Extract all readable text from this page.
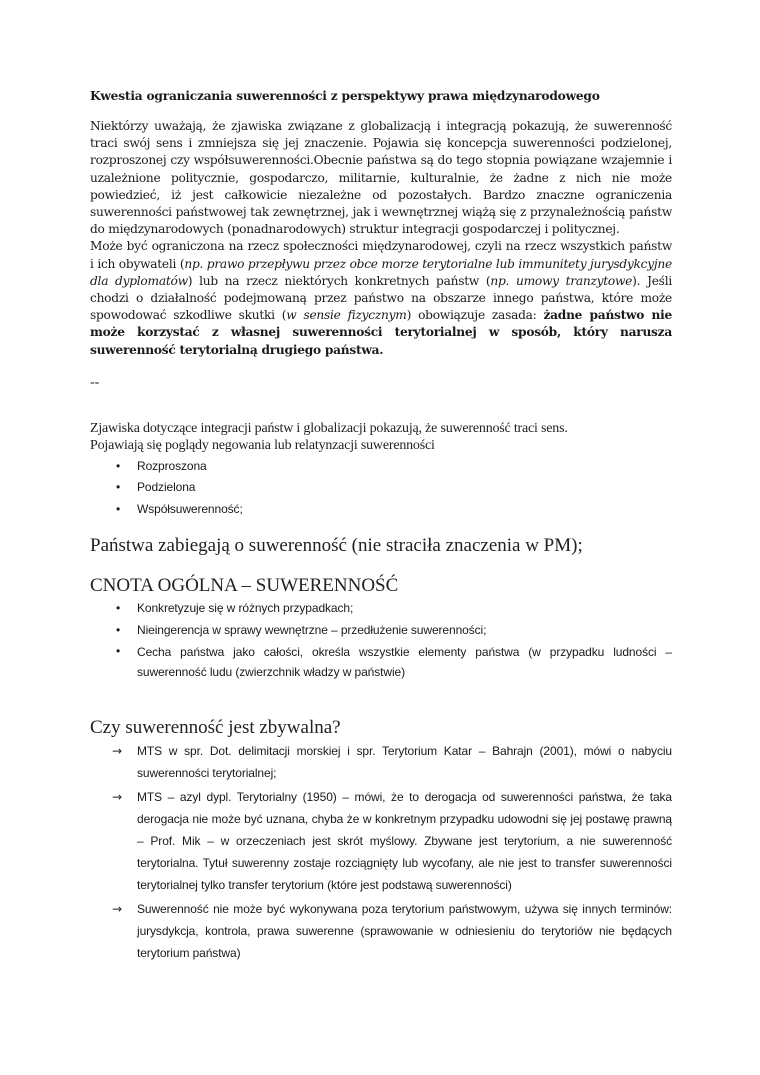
Kwestia ograniczania suwerenności z perspektywy prawa międzynarodowego

Niektórzy uważają, że zjawiska związane z globalizacją i integracją pokazują, że suwerenność traci swój sens i zmniejsza się jej znaczenie. Pojawia się koncepcja suwerenności podzielonej, rozproszonej czy współsuwerenności.Obecnie państwa są do tego stopnia powiązane wzajemnie i uzależnione politycznie, gospodarczo, militarnie, kulturalnie, że żadne z nich nie może powiedzieć, iż jest całkowicie niezależne od pozostałych. Bardzo znaczne ograniczenia suwerenności państwowej tak zewnętrznej, jak i wewnętrznej wiążą się z przynależnością państw do międzynarodowych (ponadnarodowych) struktur integracji gospodarczej i politycznej.

Może być ograniczona na rzecz społeczności międzynarodowej, czyli na rzecz wszystkich państw i ich obywateli (np. prawo przepływu przez obce morze terytorialne lub immunitety jurysdykcyjne dla dyplomatów) lub na rzecz niektórych konkretnych państw (np. umowy tranzytowe). Jeśli chodzi o działalność podejmowaną przez państwo na obszarze innego państwa, które może spowodować szkodliwe skutki (w sensie fizycznym) obowiązuje zasada: żadne państwo nie może korzystać z własnej suwerenności terytorialnej w sposób, który narusza suwerenność terytorialną drugiego państwa.

--

Zjawiska dotyczące integracji państw i globalizacji pokazują, że suwerenność traci sens.

Pojawiają się poglądy negowania lub relatynzacji suwerenności

• Rozproszona
• Podzielona
• Współsuwerenność;

Państwa zabiegają o suwerenność (nie straciła znaczenia w PM);

CNOTA OGÓLNA – SUWERENNOŚĆ

• Konkretyzuje się w różnych przypadkach;
• Nieingerencja w sprawy wewnętrzne – przedłużenie suwerenności;
• Cecha państwa jako całości, określa wszystkie elementy państwa (w przypadku ludności – suwerenność ludu (zwierzchnik władzy w państwie)

Czy suwerenność jest zbywalna?

→ MTS w spr. Dot. delimitacji morskiej i spr. Terytorium Katar – Bahrajn (2001), mówi o nabyciu suwerenności terytorialnej;
→ MTS – azyl dypl. Terytorialny (1950) – mówi, że to derogacja od suwerenności państwa, że taka derogacja nie może być uznana, chyba że w konkretnym przypadku udowodni się jej postawę prawną – Prof. Mik – w orzeczeniach jest skrót myślowy. Zbywane jest terytorium, a nie suwerenność terytorialna. Tytuł suwerenny zostaje rozciągnięty lub wycofany, ale nie jest to transfer suwerenności terytorialnej tylko transfer terytorium (które jest podstawą suwerenności)
→ Suwerenność nie może być wykonywana poza terytorium państwowym, używa się innych terminów: jurysdykcja, kontrola, prawa suwerenne (sprawowanie w odniesieniu do terytoriów nie będących terytorium państwa)
